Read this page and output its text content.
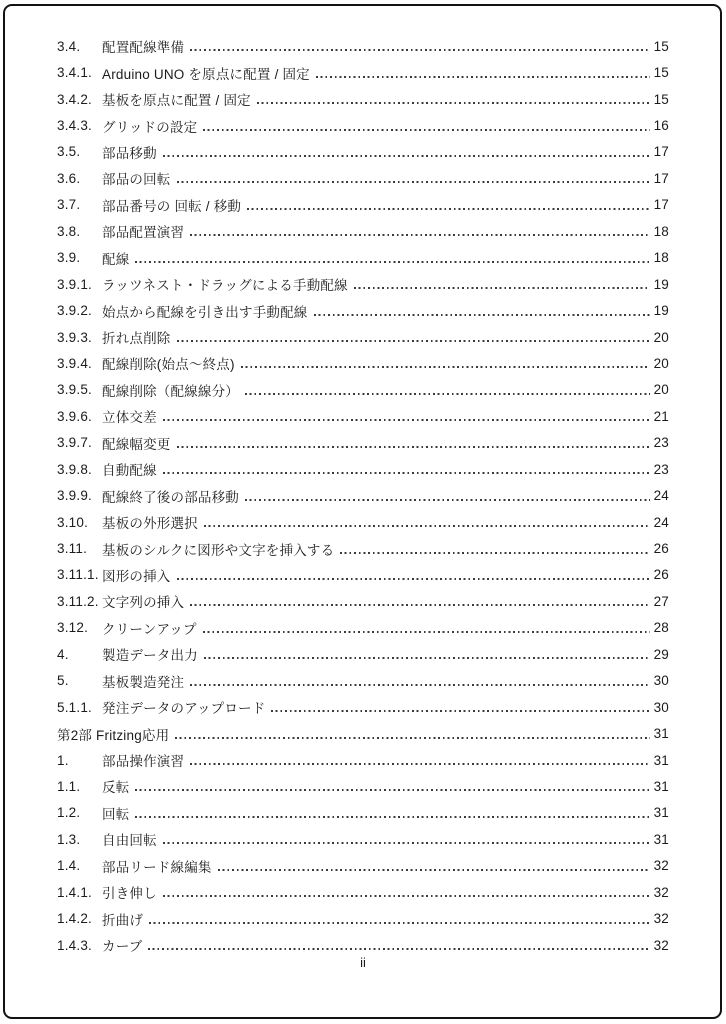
3.4.	配置配線準備	15
3.4.1. Arduino UNO を原点に配置 / 固定	15
3.4.2. 基板を原点に配置 / 固定	15
3.4.3. グリッドの設定	16
3.5.	部品移動	17
3.6.	部品の回転	17
3.7.	部品番号の 回転 / 移動	17
3.8.	部品配置演習	18
3.9.	配線	18
3.9.1. ラッツネスト・ドラッグによる手動配線	19
3.9.2. 始点から配線を引き出す手動配線	19
3.9.3. 折れ点削除	20
3.9.4. 配線削除(始点〜終点)	20
3.9.5. 配線削除（配線線分）	20
3.9.6. 立体交差	21
3.9.7. 配線幅変更	23
3.9.8. 自動配線	23
3.9.9. 配線終了後の部品移動	24
3.10.	基板の外形選択	24
3.11.	基板のシルクに図形や文字を挿入する	26
3.11.1. 図形の挿入	26
3.11.2. 文字列の挿入	27
3.12.	クリーンアップ	28
4.	製造データ出力	29
5.	基板製造発注	30
5.1.1. 発注データのアップロード	30
第2部 Fritzing応用	31
1.	部品操作演習	31
1.1.	反転	31
1.2.	回転	31
1.3.	自由回転	31
1.4.	部品リード線編集	32
1.4.1. 引き伸し	32
1.4.2. 折曲げ	32
1.4.3. カーブ	32
ii
